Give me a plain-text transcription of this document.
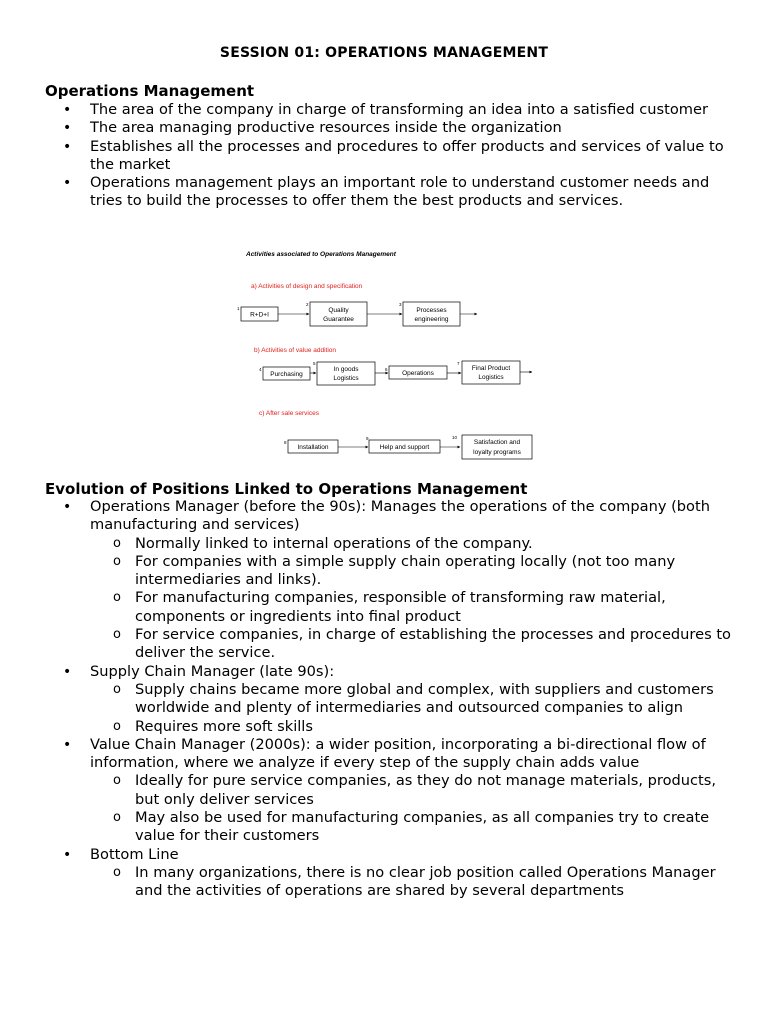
SESSION 01: OPERATIONS MANAGEMENT
Operations Management
• The area of the company in charge of transforming an idea into a satisfied customer
• The area managing productive resources inside the organization
• Establishes all the processes and procedures to offer products and services of value to the market
• Operations management plays an important role to understand customer needs and tries to build the processes to offer them the best products and services.
Activities associated to Operations Management
a) Activities of design and specification
1
R+D+I
2
Quality
Guarantee
3
Processes
engineering
b) Activities of value addition
4
Purchasing
5
In goods
Logistics
6
Operations
7
Final Product
Logistics
c) After sale services
8
Installation
9
Help and support
10
Satisfaction and
loyalty programs
Evolution of Positions Linked to Operations Management
• Operations Manager (before the 90s): Manages the operations of the company (both manufacturing and services)
o Normally linked to internal operations of the company.
o For companies with a simple supply chain operating locally (not too many intermediaries and links).
o For manufacturing companies, responsible of transforming raw material, components or ingredients into final product
o For service companies, in charge of establishing the processes and procedures to deliver the service.
• Supply Chain Manager (late 90s):
o Supply chains became more global and complex, with suppliers and customers worldwide and plenty of intermediaries and outsourced companies to align
o Requires more soft skills
• Value Chain Manager (2000s): a wider position, incorporating a bi-directional flow of information, where we analyze if every step of the supply chain adds value
o Ideally for pure service companies, as they do not manage materials, products, but only deliver services
o May also be used for manufacturing companies, as all companies try to create value for their customers
• Bottom Line
o In many organizations, there is no clear job position called Operations Manager and the activities of operations are shared by several departments
